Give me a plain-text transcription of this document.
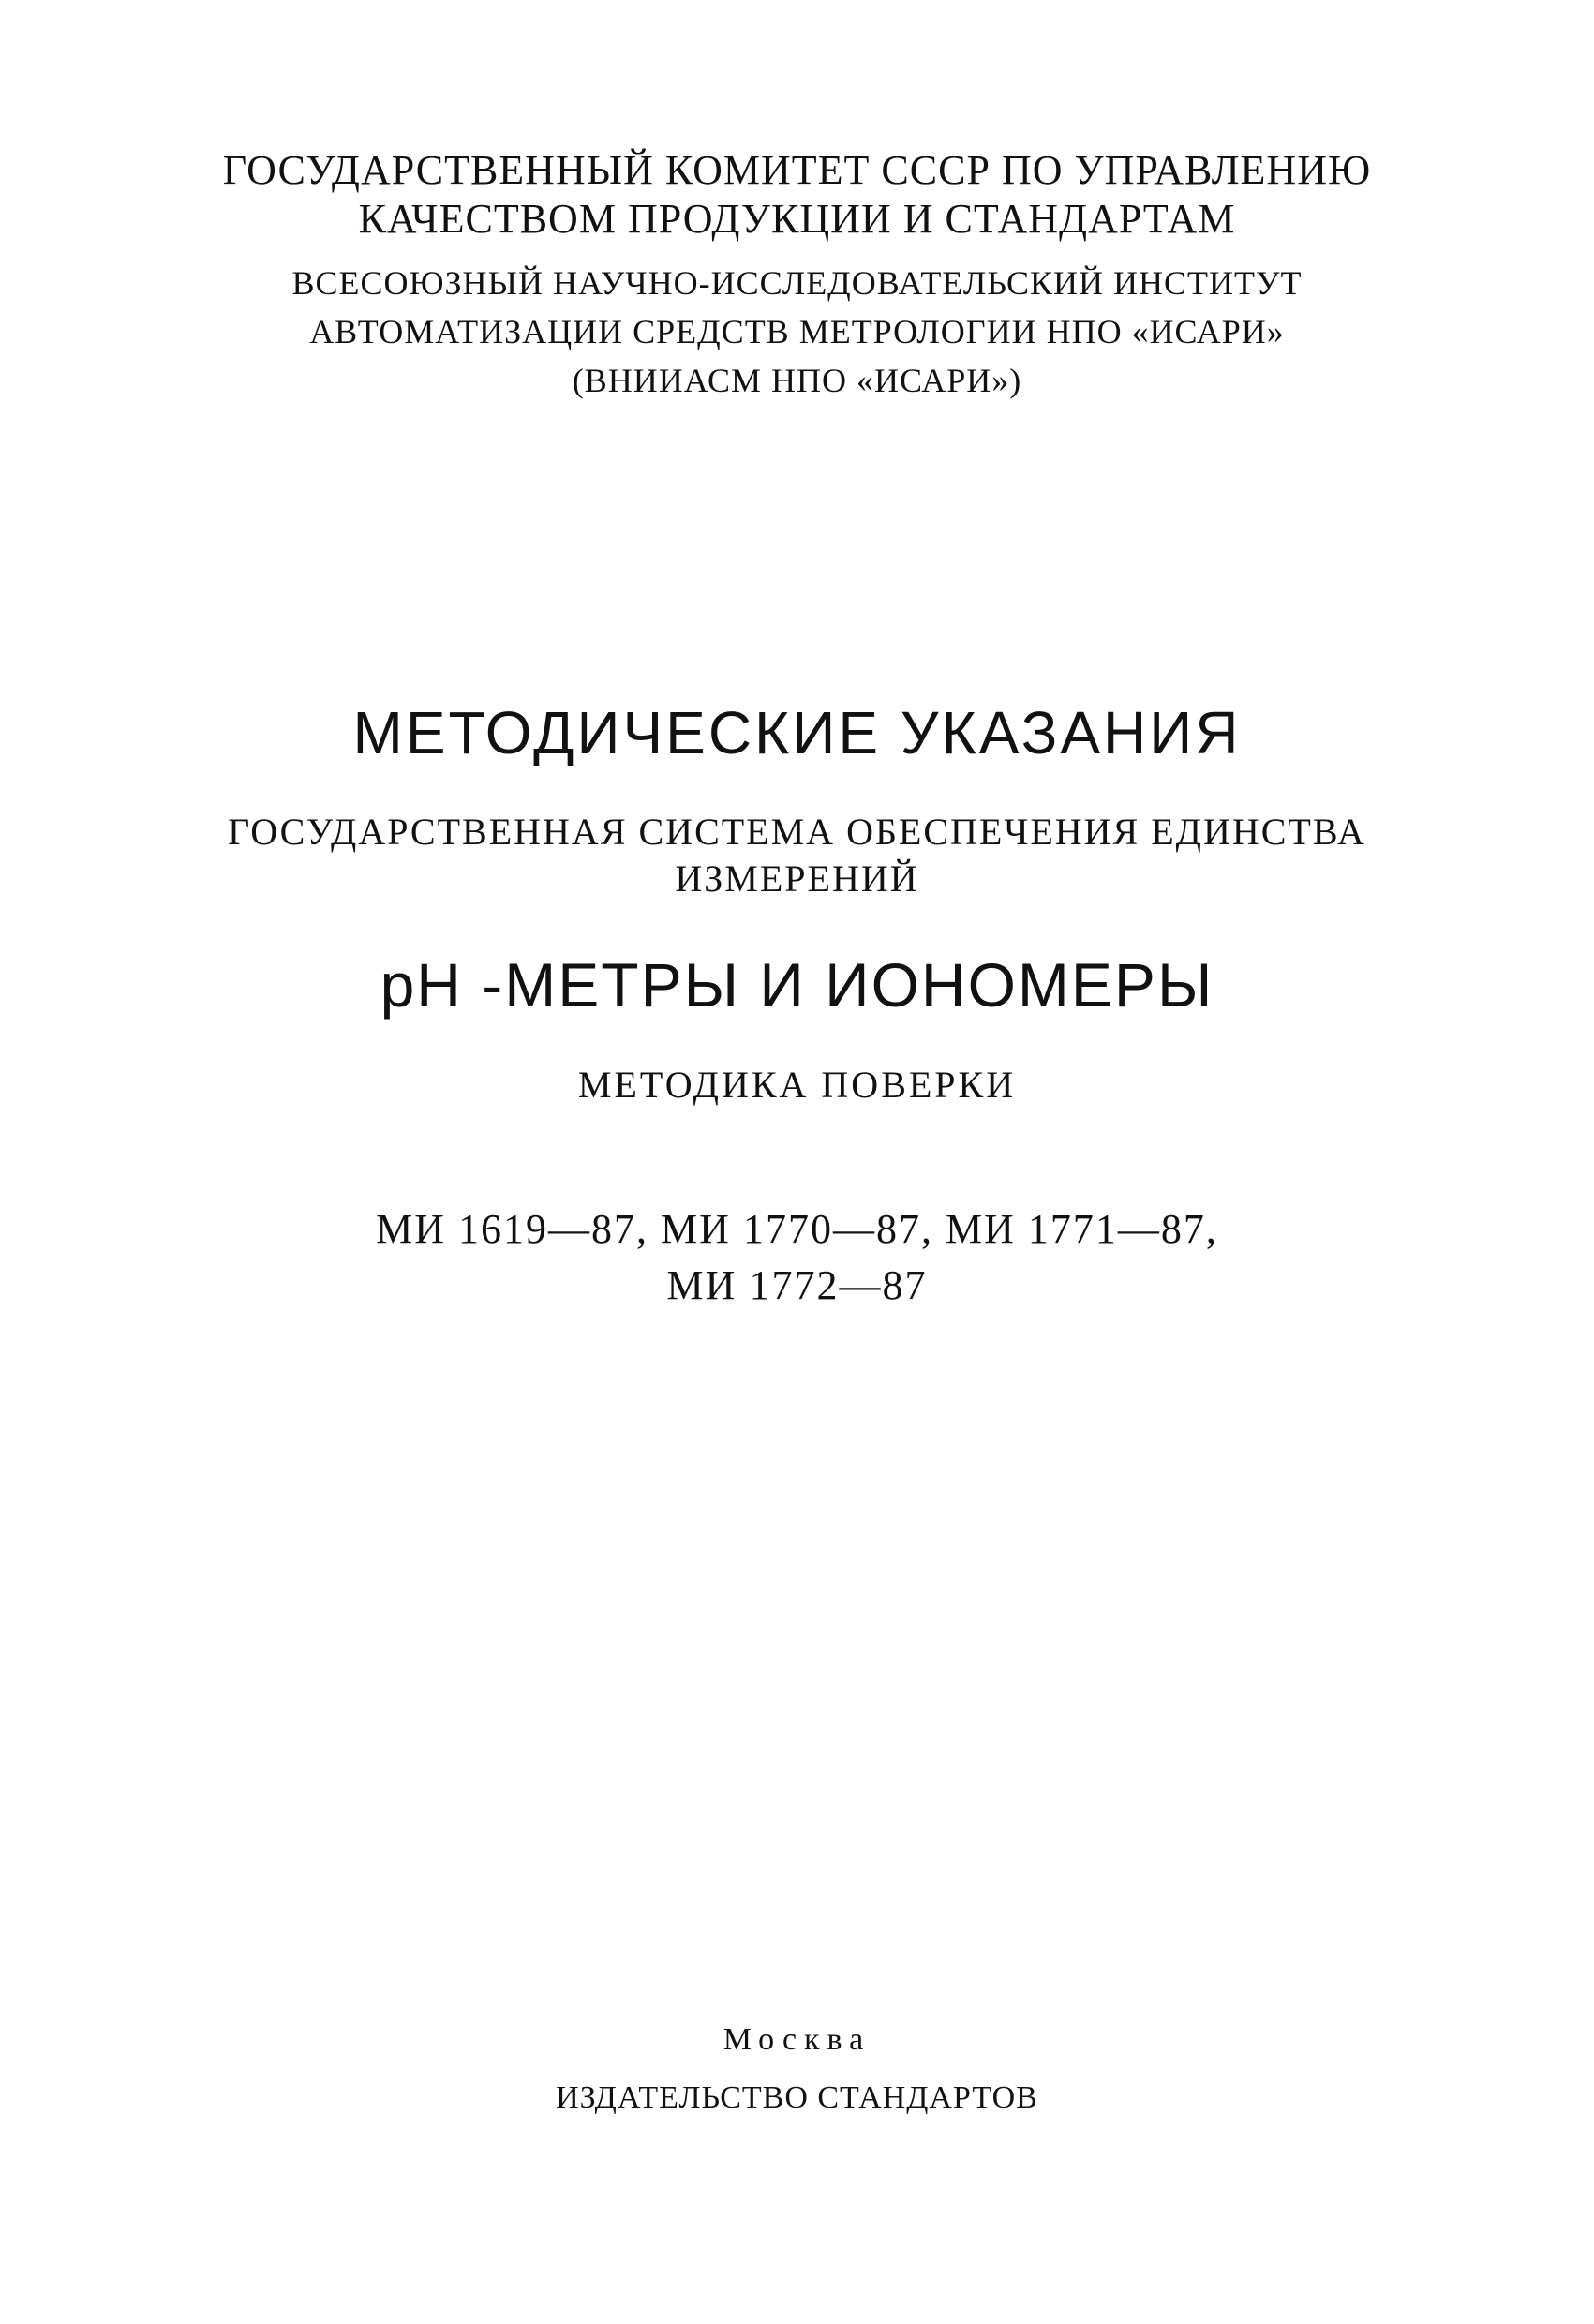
ГОСУДАРСТВЕННЫЙ КОМИТЕТ СССР ПО УПРАВЛЕНИЮ
КАЧЕСТВОМ ПРОДУКЦИИ И СТАНДАРТАМ
ВСЕСОЮЗНЫЙ НАУЧНО-ИССЛЕДОВАТЕЛЬСКИЙ ИНСТИТУТ
АВТОМАТИЗАЦИИ СРЕДСТВ МЕТРОЛОГИИ НПО «ИСАРИ»
(ВНИИАСМ НПО «ИСАРИ»)
МЕТОДИЧЕСКИЕ УКАЗАНИЯ
ГОСУДАРСТВЕННАЯ СИСТЕМА ОБЕСПЕЧЕНИЯ ЕДИНСТВА
ИЗМЕРЕНИЙ
pH -МЕТРЫ И ИОНОМЕРЫ
МЕТОДИКА ПОВЕРКИ
МИ 1619—87, МИ 1770—87, МИ 1771—87,
МИ 1772—87
Москва
ИЗДАТЕЛЬСТВО СТАНДАРТОВ
